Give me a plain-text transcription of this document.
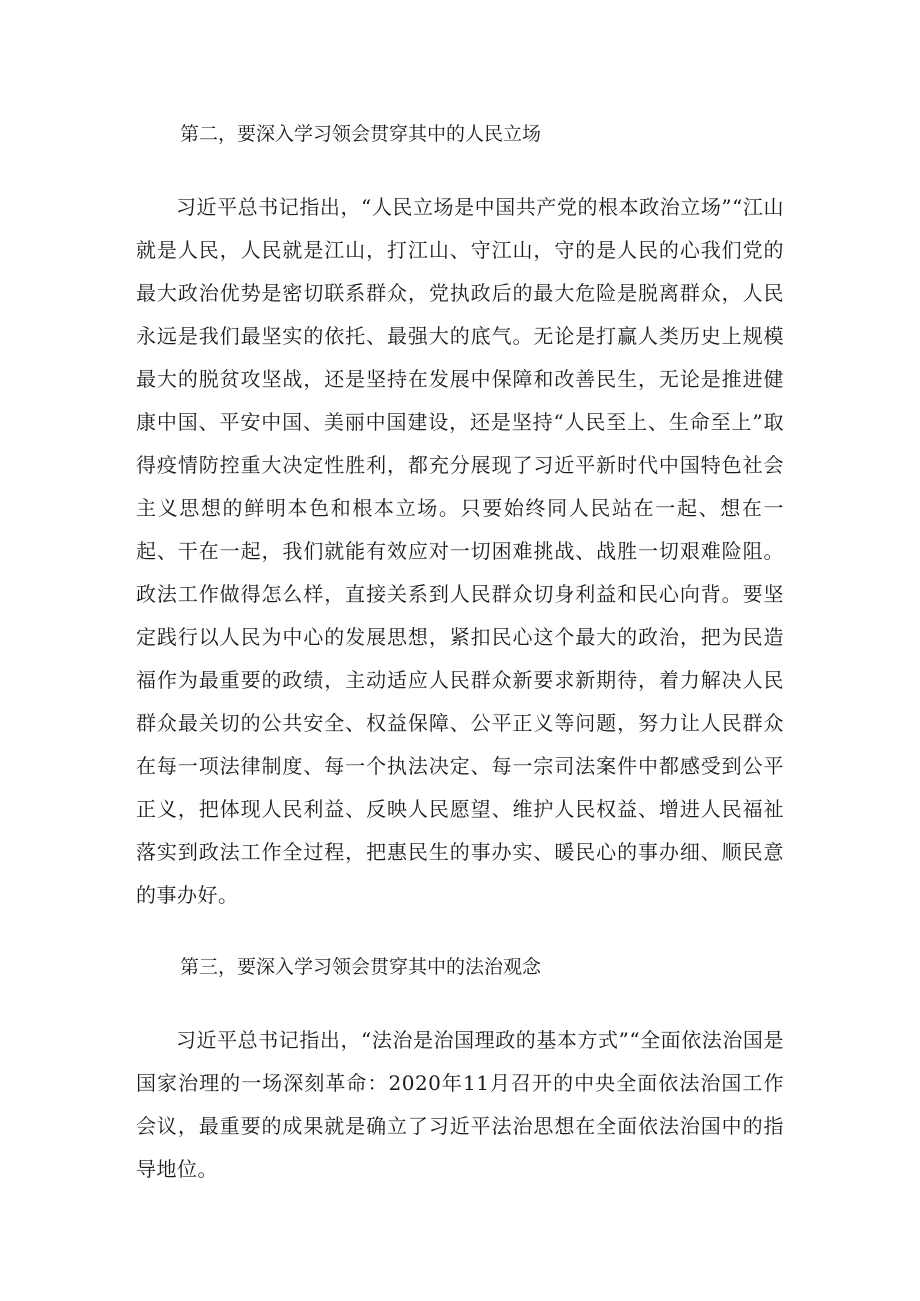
第二，要深入学习领会贯穿其中的人民立场

习近平总书记指出，“人民立场是中国共产党的根本政治立场”“江山就是人民，人民就是江山，打江山、守江山，守的是人民的心我们党的最大政治优势是密切联系群众，党执政后的最大危险是脱离群众，人民永远是我们最坚实的依托、最强大的底气。无论是打赢人类历史上规模最大的脱贫攻坚战，还是坚持在发展中保障和改善民生，无论是推进健康中国、平安中国、美丽中国建设，还是坚持“人民至上、生命至上”取得疫情防控重大决定性胜利，都充分展现了习近平新时代中国特色社会主义思想的鲜明本色和根本立场。只要始终同人民站在一起、想在一起、干在一起，我们就能有效应对一切困难挑战、战胜一切艰难险阻。政法工作做得怎么样，直接关系到人民群众切身利益和民心向背。要坚定践行以人民为中心的发展思想，紧扣民心这个最大的政治，把为民造福作为最重要的政绩，主动适应人民群众新要求新期待，着力解决人民群众最关切的公共安全、权益保障、公平正义等问题，努力让人民群众在每一项法律制度、每一个执法决定、每一宗司法案件中都感受到公平正义，把体现人民利益、反映人民愿望、维护人民权益、增进人民福祉落实到政法工作全过程，把惠民生的事办实、暖民心的事办细、顺民意的事办好。

第三，要深入学习领会贯穿其中的法治观念

习近平总书记指出，“法治是治国理政的基本方式”“全面依法治国是国家治理的一场深刻革命：2020年11月召开的中央全面依法治国工作会议，最重要的成果就是确立了习近平法治思想在全面依法治国中的指导地位。
